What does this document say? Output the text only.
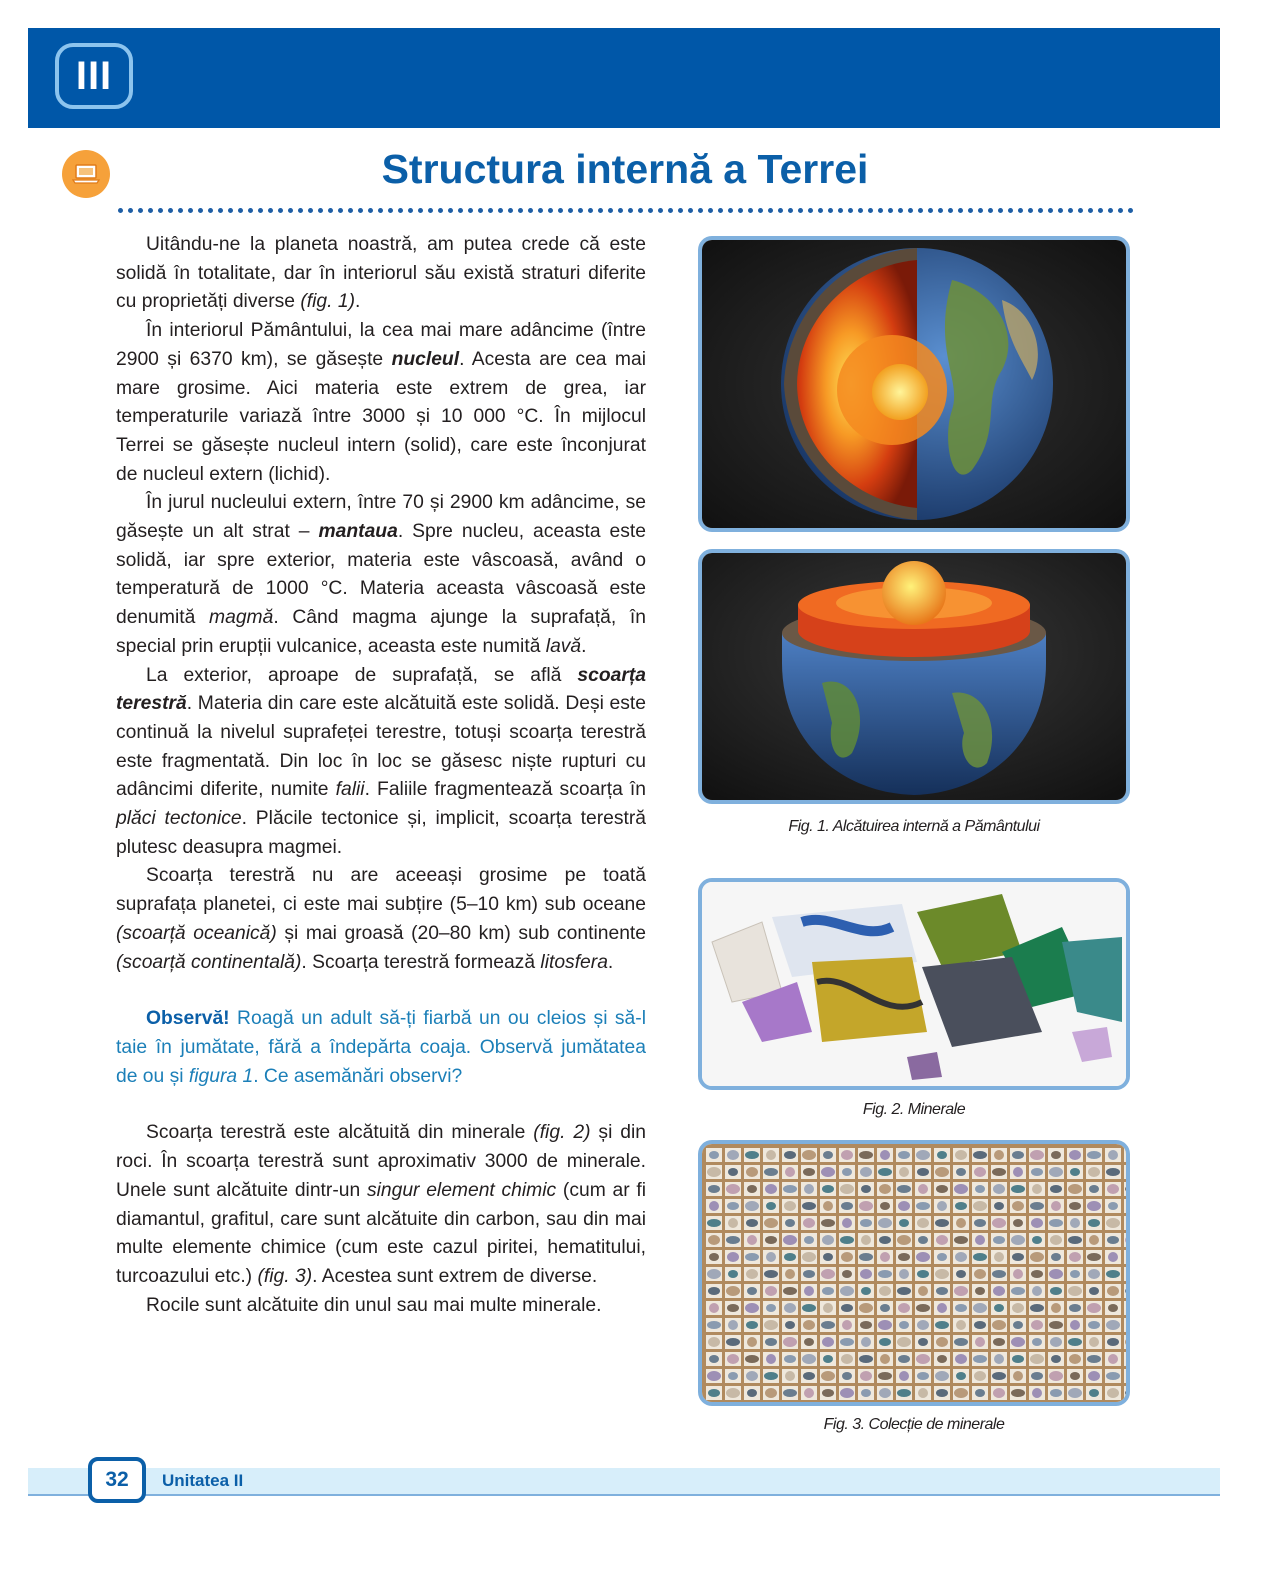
III
Structura internă a Terrei

Uitându-ne la planeta noastră, am putea crede că este solidă în totalitate, dar în interiorul său există straturi diferite cu proprietăți diverse (fig. 1).

În interiorul Pământului, la cea mai mare adâncime (între 2900 și 6370 km), se găsește nucleul. Acesta are cea mai mare grosime. Aici materia este extrem de grea, iar temperaturile variază între 3000 și 10 000 °C. În mijlocul Terrei se găsește nucleul intern (solid), care este înconjurat de nucleul extern (lichid).

În jurul nucleului extern, între 70 și 2900 km adâncime, se găsește un alt strat – mantaua. Spre nucleu, aceasta este solidă, iar spre exterior, materia este vâscoasă, având o temperatură de 1000 °C. Materia aceasta vâscoasă este denumită magmă. Când magma ajunge la suprafață, în special prin erupții vulcanice, aceasta este numită lavă.

La exterior, aproape de suprafață, se află scoarța terestră. Materia din care este alcătuită este solidă. Deși este continuă la nivelul suprafeței terestre, totuși scoarța terestră este fragmentată. Din loc în loc se găsesc niște rupturi cu adâncimi diferite, numite falii. Faliile fragmentează scoarța în plăci tectonice. Plăcile tectonice și, implicit, scoarța terestră plutesc deasupra magmei.

Scoarța terestră nu are aceeași grosime pe toată suprafața planetei, ci este mai subțire (5–10 km) sub oceane (scoarță oceanică) și mai groasă (20–80 km) sub continente (scoarță continentală). Scoarța terestră formează litosfera.

Observă! Roagă un adult să-ți fiarbă un ou cleios și să-l taie în jumătate, fără a îndepărta coaja. Observă jumătatea de ou și figura 1. Ce asemănări observi?

Scoarța terestră este alcătuită din minerale (fig. 2) și din roci. În scoarța terestră sunt aproximativ 3000 de minerale. Unele sunt alcătuite dintr-un singur element chimic (cum ar fi diamantul, grafitul, care sunt alcătuite din carbon, sau din mai multe elemente chimice (cum este cazul piritei, hematitului, turcoazului etc.) (fig. 3). Acestea sunt extrem de diverse.

Rocile sunt alcătuite din unul sau mai multe minerale.

Fig. 1. Alcătuirea internă a Pământului
Fig. 2. Minerale
Fig. 3. Colecție de minerale
32	Unitatea II
